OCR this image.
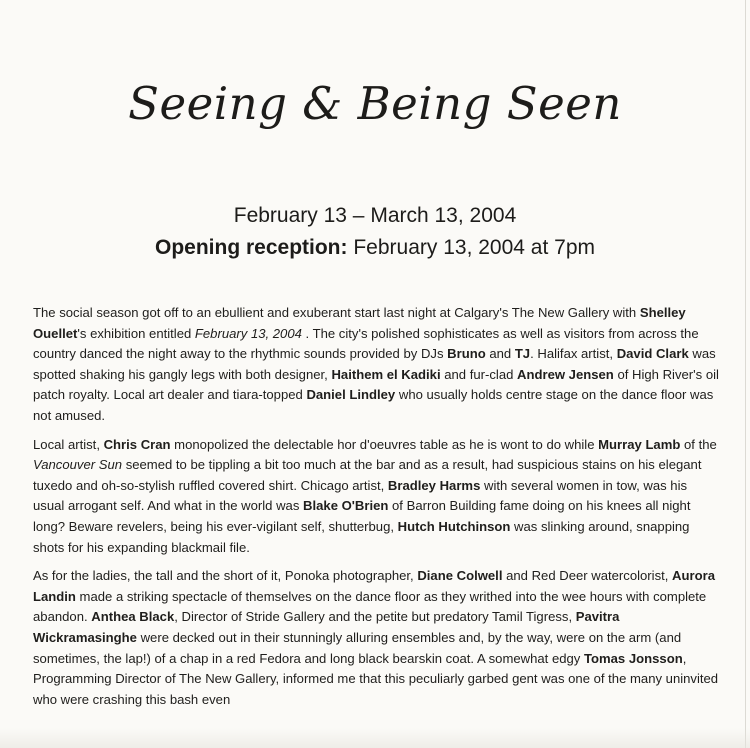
Seeing & Being Seen
February 13 – March 13, 2004
Opening reception: February 13, 2004 at 7pm

The social season got off to an ebullient and exuberant start last night at Calgary's The New Gallery with Shelley Ouellet's exhibition entitled February 13, 2004 . The city's polished sophisticates as well as visitors from across the country danced the night away to the rhythmic sounds provided by DJs Bruno and TJ. Halifax artist, David Clark was spotted shaking his gangly legs with both designer, Haithem el Kadiki and fur-clad Andrew Jensen of High River's oil patch royalty. Local art dealer and tiara-topped Daniel Lindley who usually holds centre stage on the dance floor was not amused.

Local artist, Chris Cran monopolized the delectable hor d'oeuvres table as he is wont to do while Murray Lamb of the Vancouver Sun seemed to be tippling a bit too much at the bar and as a result, had suspicious stains on his elegant tuxedo and oh-so-stylish ruffled covered shirt. Chicago artist, Bradley Harms with several women in tow, was his usual arrogant self. And what in the world was Blake O'Brien of Barron Building fame doing on his knees all night long? Beware revelers, being his ever-vigilant self, shutterbug, Hutch Hutchinson was slinking around, snapping shots for his expanding blackmail file.

As for the ladies, the tall and the short of it, Ponoka photographer, Diane Colwell and Red Deer watercolorist, Aurora Landin made a striking spectacle of themselves on the dance floor as they writhed into the wee hours with complete abandon. Anthea Black, Director of Stride Gallery and the petite but predatory Tamil Tigress, Pavitra Wickramasinghe were decked out in their stunningly alluring ensembles and, by the way, were on the arm (and sometimes, the lap!) of a chap in a red Fedora and long black bearskin coat. A somewhat edgy Tomas Jonsson, Programming Director of The New Gallery, informed me that this peculiarly garbed gent was one of the many uninvited who were crashing this bash even
